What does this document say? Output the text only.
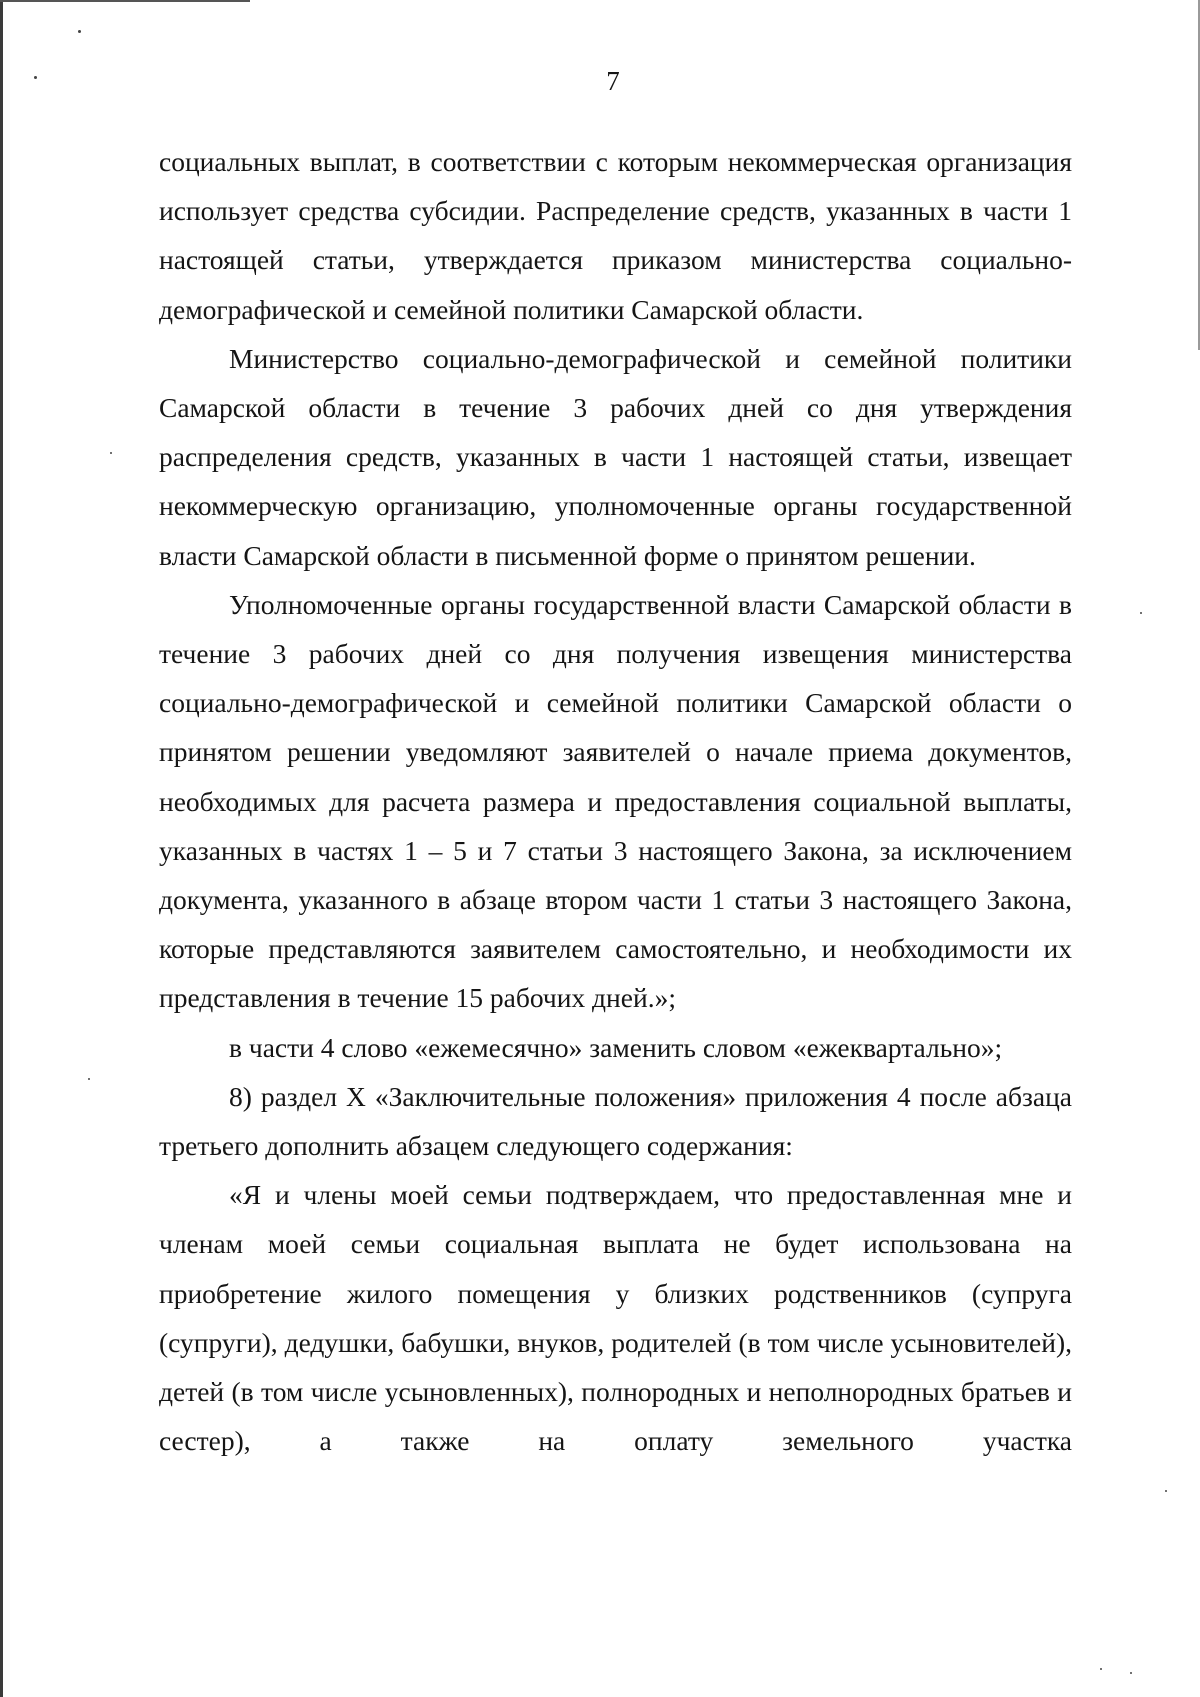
7

социальных выплат, в соответствии с которым некоммерческая организация использует средства субсидии. Распределение средств, указанных в части 1 настоящей статьи, утверждается приказом министерства социально-демографической и семейной политики Самарской области.

Министерство социально-демографической и семейной политики Самарской области в течение 3 рабочих дней со дня утверждения распределения средств, указанных в части 1 настоящей статьи, извещает некоммерческую организацию, уполномоченные органы государственной власти Самарской области в письменной форме о принятом решении.

Уполномоченные органы государственной власти Самарской области в течение 3 рабочих дней со дня получения извещения министерства социально-демографической и семейной политики Самарской области о принятом решении уведомляют заявителей о начале приема документов, необходимых для расчета размера и предоставления социальной выплаты, указанных в частях 1 – 5 и 7 статьи 3 настоящего Закона, за исключением документа, указанного в абзаце втором части 1 статьи 3 настоящего Закона, которые представляются заявителем самостоятельно, и необходимости их представления в течение 15 рабочих дней.»;

в части 4 слово «ежемесячно» заменить словом «ежеквартально»;

8) раздел X «Заключительные положения» приложения 4 после абзаца третьего дополнить абзацем следующего содержания:

«Я и члены моей семьи подтверждаем, что предоставленная мне и членам моей семьи социальная выплата не будет использована на приобретение жилого помещения у близких родственников (супруга (супруги), дедушки, бабушки, внуков, родителей (в том числе усыновителей), детей (в том числе усыновленных), полнородных и неполнородных братьев и сестер), а также на оплату земельного участка
